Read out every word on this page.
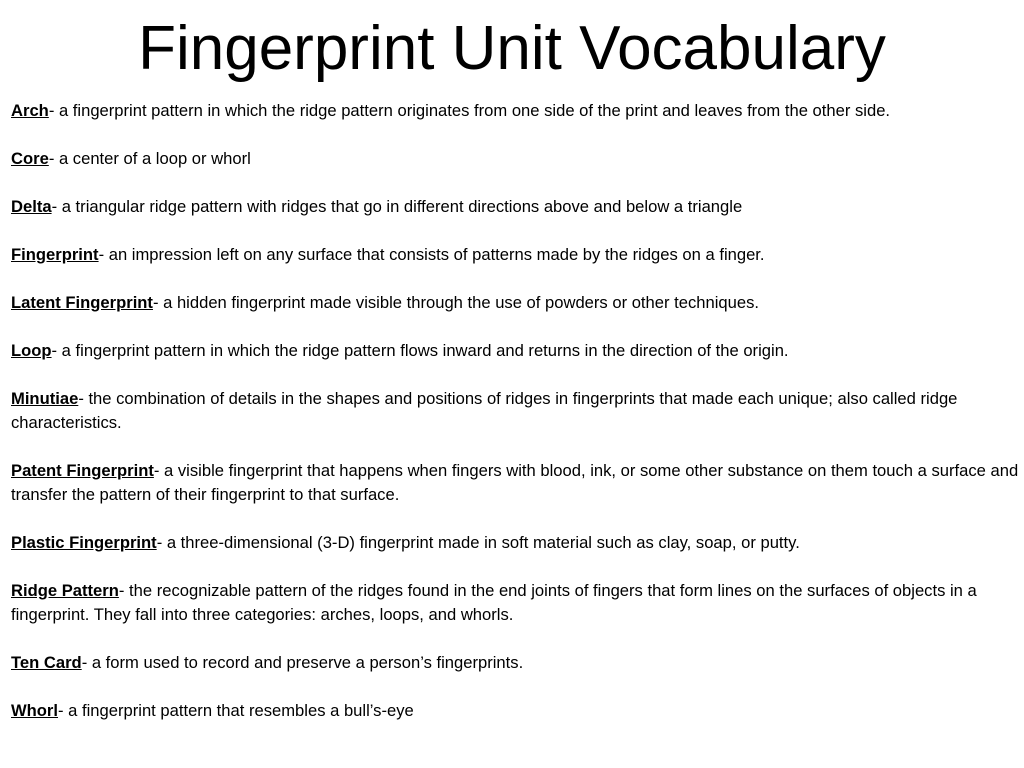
Fingerprint Unit Vocabulary
Arch- a fingerprint pattern in which the ridge pattern originates from one side of the print and leaves from the other side.
Core- a center of a loop or whorl
Delta- a triangular ridge pattern with ridges that go in different directions above and below a triangle
Fingerprint- an impression left on any surface that consists of patterns made by the ridges on a finger.
Latent Fingerprint- a hidden fingerprint made visible through the use of powders or other techniques.
Loop- a fingerprint pattern in which the ridge pattern flows inward and returns in the direction of the origin.
Minutiae- the combination of details in the shapes and positions of ridges in fingerprints that made each unique; also called ridge characteristics.
Patent Fingerprint- a visible fingerprint that happens when fingers with blood, ink, or some other substance on them touch a surface and transfer the pattern of their fingerprint to that surface.
Plastic Fingerprint- a three-dimensional (3-D) fingerprint made in soft material such as clay, soap, or putty.
Ridge Pattern- the recognizable pattern of the ridges found in the end joints of fingers that form lines on the surfaces of objects in a fingerprint. They fall into three categories: arches, loops, and whorls.
Ten Card- a form used to record and preserve a person’s fingerprints.
Whorl- a fingerprint pattern that resembles a bull’s-eye
